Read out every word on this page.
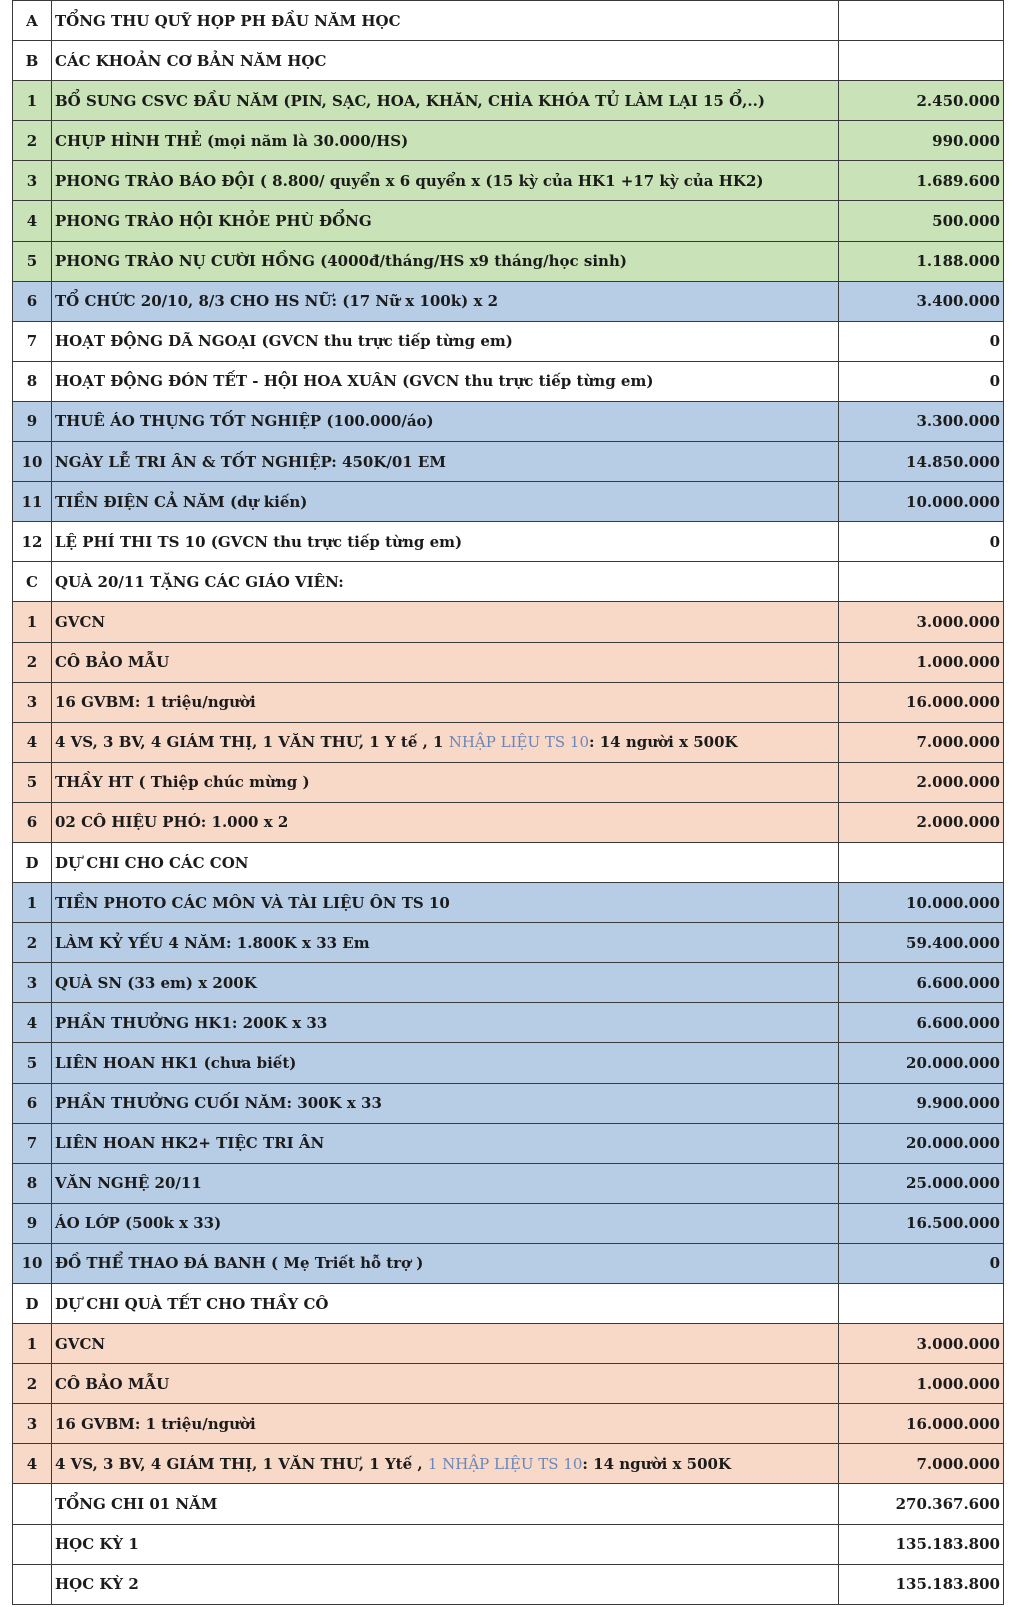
A	TỔNG THU QUỸ HỌP PH ĐẦU NĂM HỌC	
B	CÁC KHOẢN CƠ BẢN NĂM HỌC	
1	BỔ SUNG CSVC ĐẦU NĂM (PIN, SẠC, HOA, KHĂN, CHÌA KHÓA TỦ LÀM LẠI 15 Ổ,..)	2.450.000
2	CHỤP HÌNH THẺ (mọi năm là 30.000/HS)	990.000
3	PHONG TRÀO BÁO ĐỘI ( 8.800/ quyển x 6 quyển x (15 kỳ của HK1 +17 kỳ của HK2)	1.689.600
4	PHONG TRÀO HỘI KHỎE PHÙ ĐỔNG	500.000
5	PHONG TRÀO NỤ CƯỜI HỒNG (4000đ/tháng/HS x9 tháng/học sinh)	1.188.000
6	TỔ CHỨC 20/10, 8/3 CHO HS NỮ: (17 Nữ x 100k) x 2	3.400.000
7	HOẠT ĐỘNG DÃ NGOẠI (GVCN thu trực tiếp từng em)	0
8	HOẠT ĐỘNG ĐÓN TẾT - HỘI HOA XUÂN (GVCN thu trực tiếp từng em)	0
9	THUÊ ÁO THỤNG TỐT NGHIỆP (100.000/áo)	3.300.000
10	NGÀY LỄ TRI ÂN & TỐT NGHIỆP: 450K/01 EM	14.850.000
11	TIỀN ĐIỆN CẢ NĂM (dự kiến)	10.000.000
12	LỆ PHÍ THI TS 10 (GVCN thu trực tiếp từng em)	0
C	QUÀ 20/11 TẶNG CÁC GIÁO VIÊN:	
1	GVCN	3.000.000
2	CÔ BẢO MẪU	1.000.000
3	16 GVBM: 1 triệu/người	16.000.000
4	4 VS, 3 BV, 4 GIÁM THỊ, 1 VĂN THƯ, 1 Y tế , 1 NHẬP LIỆU TS 10: 14 người x 500K	7.000.000
5	THẦY HT ( Thiệp chúc mừng )	2.000.000
6	02 CÔ HIỆU PHÓ: 1.000 x 2	2.000.000
D	DỰ CHI CHO CÁC CON	
1	TIỀN PHOTO CÁC MÔN VÀ TÀI LIỆU ÔN TS 10	10.000.000
2	LÀM KỶ YẾU 4 NĂM: 1.800K x 33 Em	59.400.000
3	QUÀ SN (33 em) x 200K	6.600.000
4	PHẦN THƯỞNG HK1: 200K x 33	6.600.000
5	LIÊN HOAN HK1 (chưa biết)	20.000.000
6	PHẦN THƯỞNG CUỐI NĂM: 300K x 33	9.900.000
7	LIÊN HOAN HK2+ TIỆC TRI ÂN	20.000.000
8	VĂN NGHỆ 20/11	25.000.000
9	ÁO LỚP (500k x 33)	16.500.000
10	ĐỒ THỂ THAO ĐÁ BANH ( Mẹ Triết hỗ trợ )	0
D	DỰ CHI QUÀ TẾT CHO THẦY CÔ	
1	GVCN	3.000.000
2	CÔ BẢO MẪU	1.000.000
3	16 GVBM: 1 triệu/người	16.000.000
4	4 VS, 3 BV, 4 GIÁM THỊ, 1 VĂN THƯ, 1 Ytế , 1 NHẬP LIỆU TS 10: 14 người x 500K	7.000.000
	TỔNG CHI 01 NĂM	270.367.600
	HỌC KỲ 1	135.183.800
	HỌC KỲ 2	135.183.800
